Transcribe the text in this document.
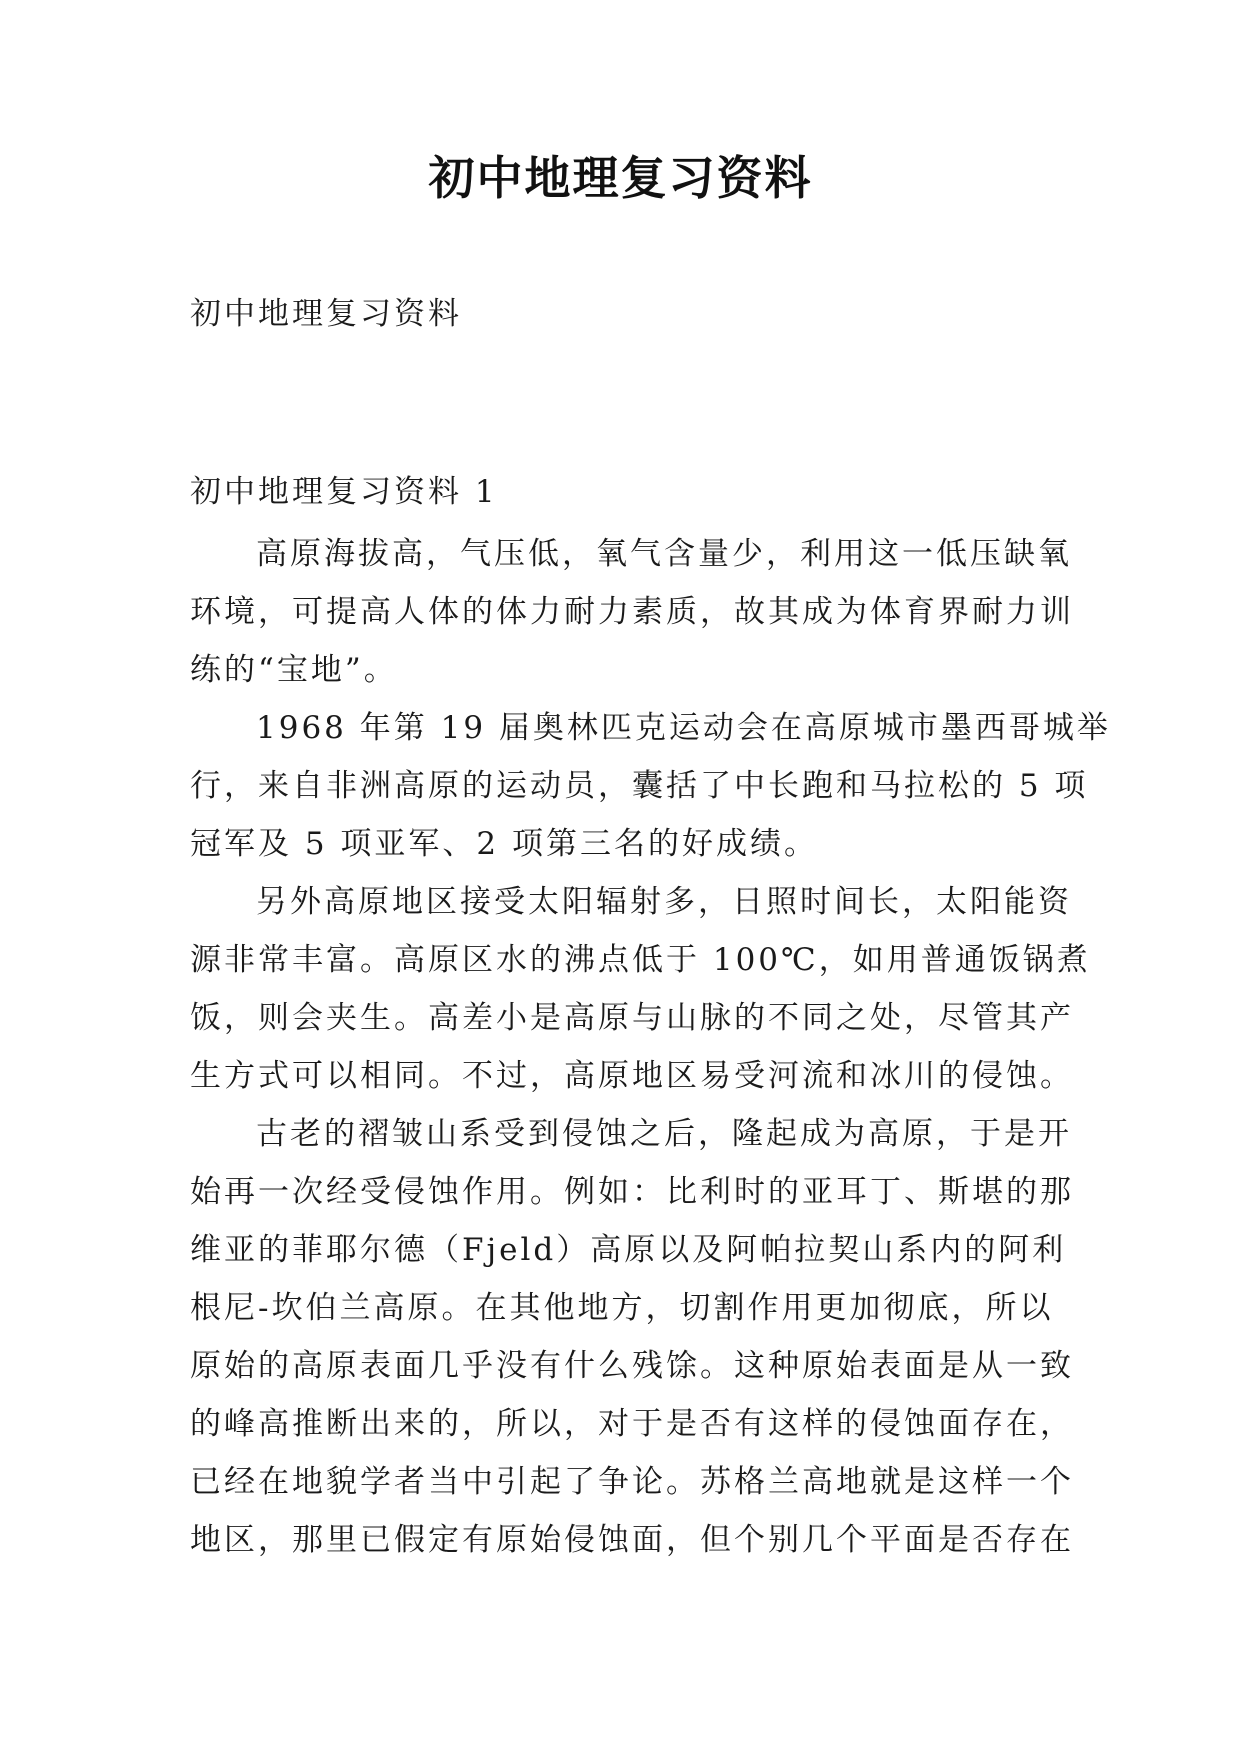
初中地理复习资料
初中地理复习资料
初中地理复习资料 1
高原海拔高，气压低，氧气含量少，利用这一低压缺氧
环境，可提高人体的体力耐力素质，故其成为体育界耐力训
练的“宝地”。
1968 年第 19 届奥林匹克运动会在高原城市墨西哥城举
行，来自非洲高原的运动员，囊括了中长跑和马拉松的 5 项
冠军及 5 项亚军、2 项第三名的好成绩。
另外高原地区接受太阳辐射多，日照时间长，太阳能资
源非常丰富。高原区水的沸点低于 100℃，如用普通饭锅煮
饭，则会夹生。高差小是高原与山脉的不同之处，尽管其产
生方式可以相同。不过，高原地区易受河流和冰川的侵蚀。
古老的褶皱山系受到侵蚀之后，隆起成为高原，于是开
始再一次经受侵蚀作用。例如：比利时的亚耳丁、斯堪的那
维亚的菲耶尔德（Fjeld）高原以及阿帕拉契山系内的阿利
根尼-坎伯兰高原。在其他地方，切割作用更加彻底，所以
原始的高原表面几乎没有什么残馀。这种原始表面是从一致
的峰高推断出来的，所以，对于是否有这样的侵蚀面存在，
已经在地貌学者当中引起了争论。苏格兰高地就是这样一个
地区，那里已假定有原始侵蚀面，但个别几个平面是否存在
